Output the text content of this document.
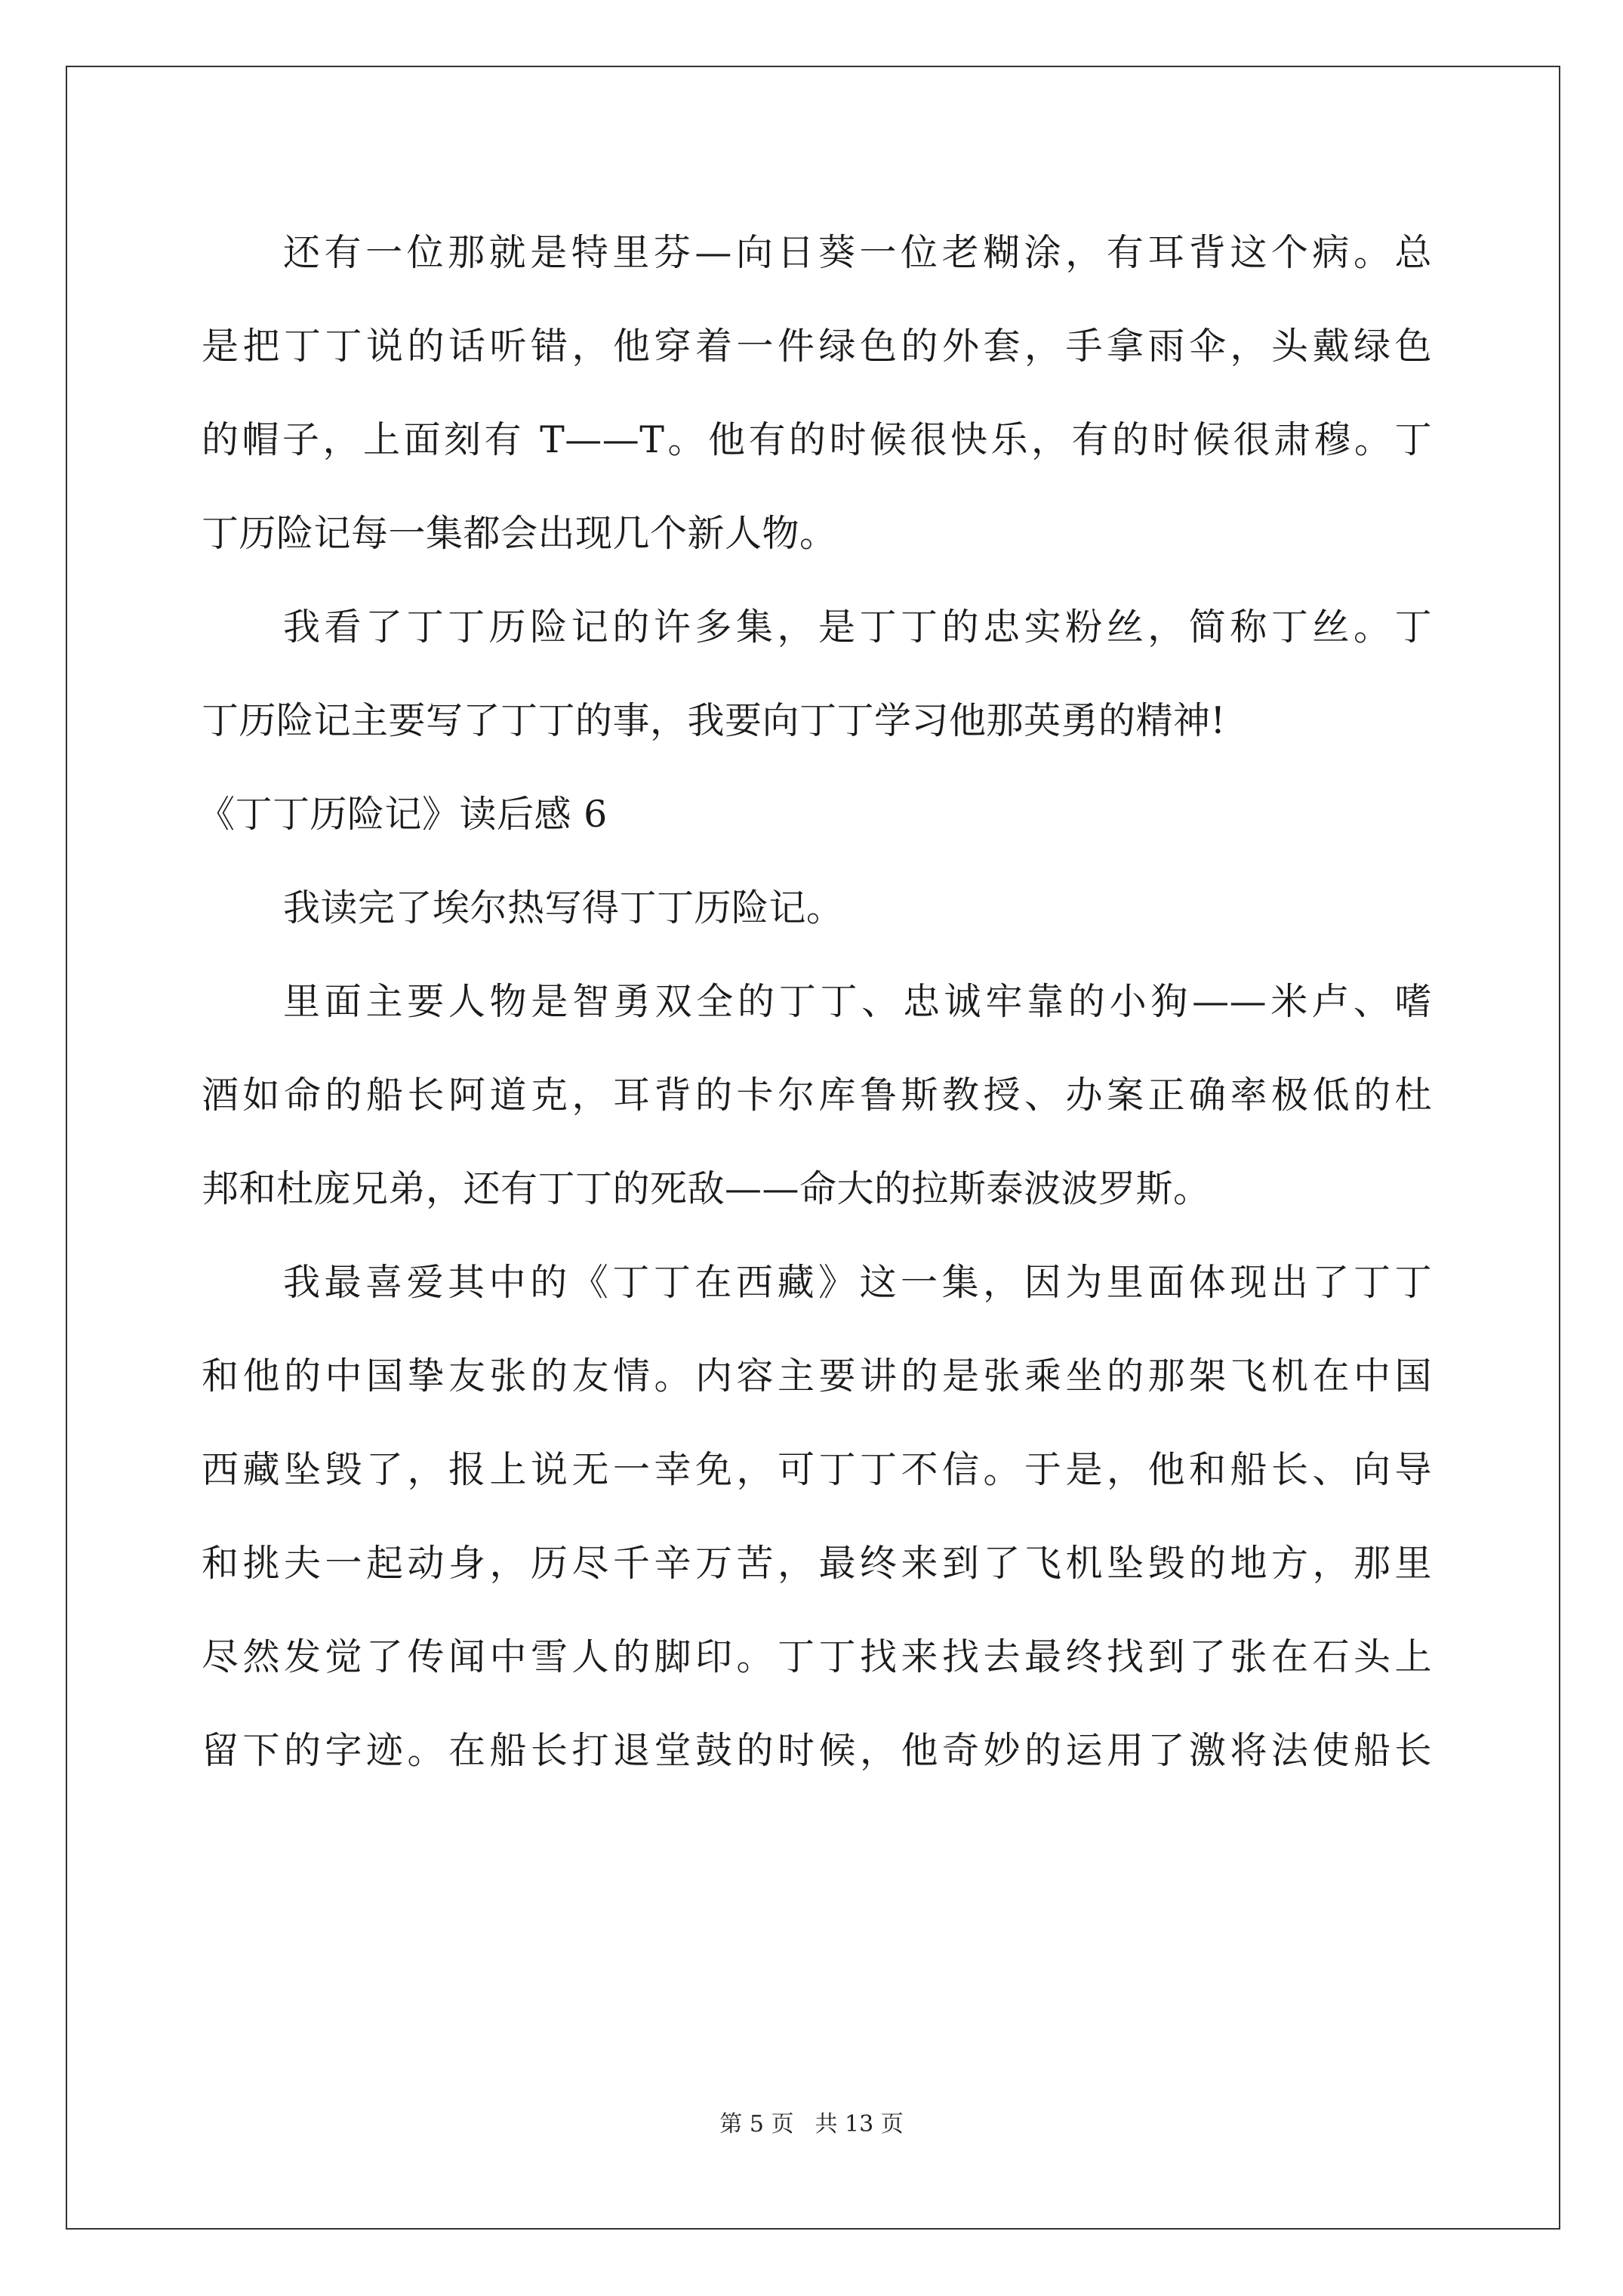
还有一位那就是特里芬—向日葵一位老糊涂，有耳背这个病。总
是把丁丁说的话听错，他穿着一件绿色的外套，手拿雨伞，头戴绿色
的帽子，上面刻有 T——T。他有的时候很快乐，有的时候很肃穆。丁
丁历险记每一集都会出现几个新人物。
我看了丁丁历险记的许多集，是丁丁的忠实粉丝，简称丁丝。丁
丁历险记主要写了丁丁的事，我要向丁丁学习他那英勇的精神!
《丁丁历险记》读后感 6
我读完了埃尔热写得丁丁历险记。
里面主要人物是智勇双全的丁丁、忠诚牢靠的小狗——米卢、嗜
酒如命的船长阿道克，耳背的卡尔库鲁斯教授、办案正确率极低的杜
邦和杜庞兄弟，还有丁丁的死敌——命大的拉斯泰波波罗斯。
我最喜爱其中的《丁丁在西藏》这一集，因为里面体现出了丁丁
和他的中国挚友张的友情。内容主要讲的是张乘坐的那架飞机在中国
西藏坠毁了，报上说无一幸免，可丁丁不信。于是，他和船长、向导
和挑夫一起动身，历尽千辛万苦，最终来到了飞机坠毁的地方，那里
尽然发觉了传闻中雪人的脚印。丁丁找来找去最终找到了张在石头上
留下的字迹。在船长打退堂鼓的时候，他奇妙的运用了激将法使船长
第 5 页 共 13 页
